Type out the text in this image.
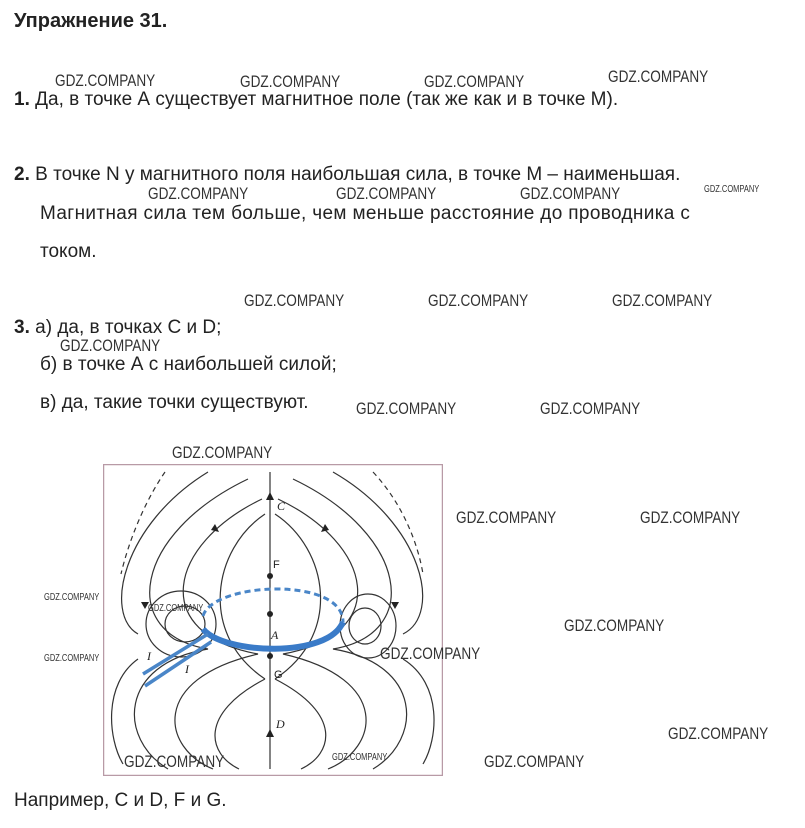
Упражнение 31.
1. Да, в точке А существует магнитное поле (так же как и в точке М).
2. В точке N у магнитного поля наибольшая сила, в точке М – наименьшая.
Магнитная сила тем больше, чем меньше расстояние до проводника с
током.
3. а) да, в точках С и D;
б) в точке А с наибольшей силой;
в) да, такие точки существуют.
C
F
A
G
D
I
I
Например, С и D, F и G.
GDZ.COMPANY	GDZ.COMPANY	GDZ.COMPANY	GDZ.COMPANY
GDZ.COMPANY	GDZ.COMPANY	GDZ.COMPANY	GDZ.COMPANY
GDZ.COMPANY	GDZ.COMPANY	GDZ.COMPANY
GDZ.COMPANY
GDZ.COMPANY	GDZ.COMPANY
GDZ.COMPANY
GDZ.COMPANY	GDZ.COMPANY
GDZ.COMPANY
GDZ.COMPANY
GDZ.COMPANY
GDZ.COMPANY
GDZ.COMPANY
GDZ.COMPANY
GDZ.COMPANY	GDZ.COMPANY	GDZ.COMPANY
